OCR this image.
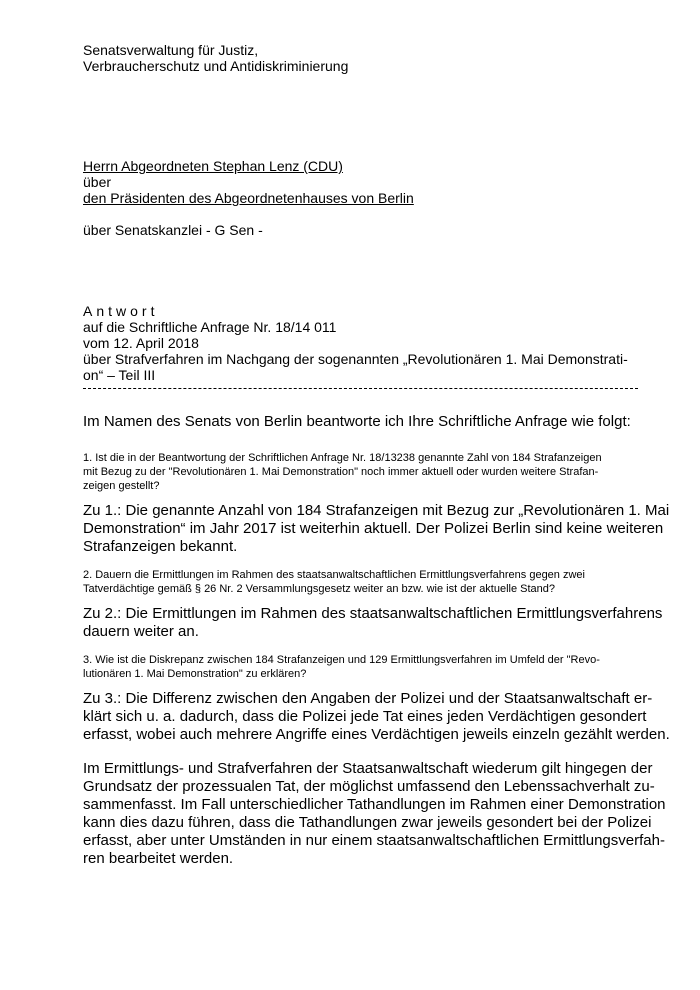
Senatsverwaltung für Justiz,
Verbraucherschutz und Antidiskriminierung
Herrn Abgeordneten Stephan Lenz (CDU)
über
den Präsidenten des Abgeordnetenhauses von Berlin
über Senatskanzlei - G Sen -
Antwort
auf die Schriftliche Anfrage Nr. 18/14 011
vom 12. April 2018
über Strafverfahren im Nachgang der sogenannten „Revolutionären 1. Mai Demonstrati-
on“ – Teil III
Im Namen des Senats von Berlin beantworte ich Ihre Schriftliche Anfrage wie folgt:
1. Ist die in der Beantwortung der Schriftlichen Anfrage Nr. 18/13238 genannte Zahl von 184 Strafanzeigen
mit Bezug zu der "Revolutionären 1. Mai Demonstration" noch immer aktuell oder wurden weitere Strafan-
zeigen gestellt?
Zu 1.: Die genannte Anzahl von 184 Strafanzeigen mit Bezug zur „Revolutionären 1. Mai
Demonstration“ im Jahr 2017 ist weiterhin aktuell. Der Polizei Berlin sind keine weiteren
Strafanzeigen bekannt.
2. Dauern die Ermittlungen im Rahmen des staatsanwaltschaftlichen Ermittlungsverfahrens gegen zwei
Tatverdächtige gemäß § 26 Nr. 2 Versammlungsgesetz weiter an bzw. wie ist der aktuelle Stand?
Zu 2.: Die Ermittlungen im Rahmen des staatsanwaltschaftlichen Ermittlungsverfahrens
dauern weiter an.
3. Wie ist die Diskrepanz zwischen 184 Strafanzeigen und 129 Ermittlungsverfahren im Umfeld der "Revo-
lutionären 1. Mai Demonstration" zu erklären?
Zu 3.: Die Differenz zwischen den Angaben der Polizei und der Staatsanwaltschaft er-
klärt sich u. a. dadurch, dass die Polizei jede Tat eines jeden Verdächtigen gesondert
erfasst, wobei auch mehrere Angriffe eines Verdächtigen jeweils einzeln gezählt werden.
Im Ermittlungs- und Strafverfahren der Staatsanwaltschaft wiederum gilt hingegen der
Grundsatz der prozessualen Tat, der möglichst umfassend den Lebenssachverhalt zu-
sammenfasst. Im Fall unterschiedlicher Tathandlungen im Rahmen einer Demonstration
kann dies dazu führen, dass die Tathandlungen zwar jeweils gesondert bei der Polizei
erfasst, aber unter Umständen in nur einem staatsanwaltschaftlichen Ermittlungsverfah-
ren bearbeitet werden.
